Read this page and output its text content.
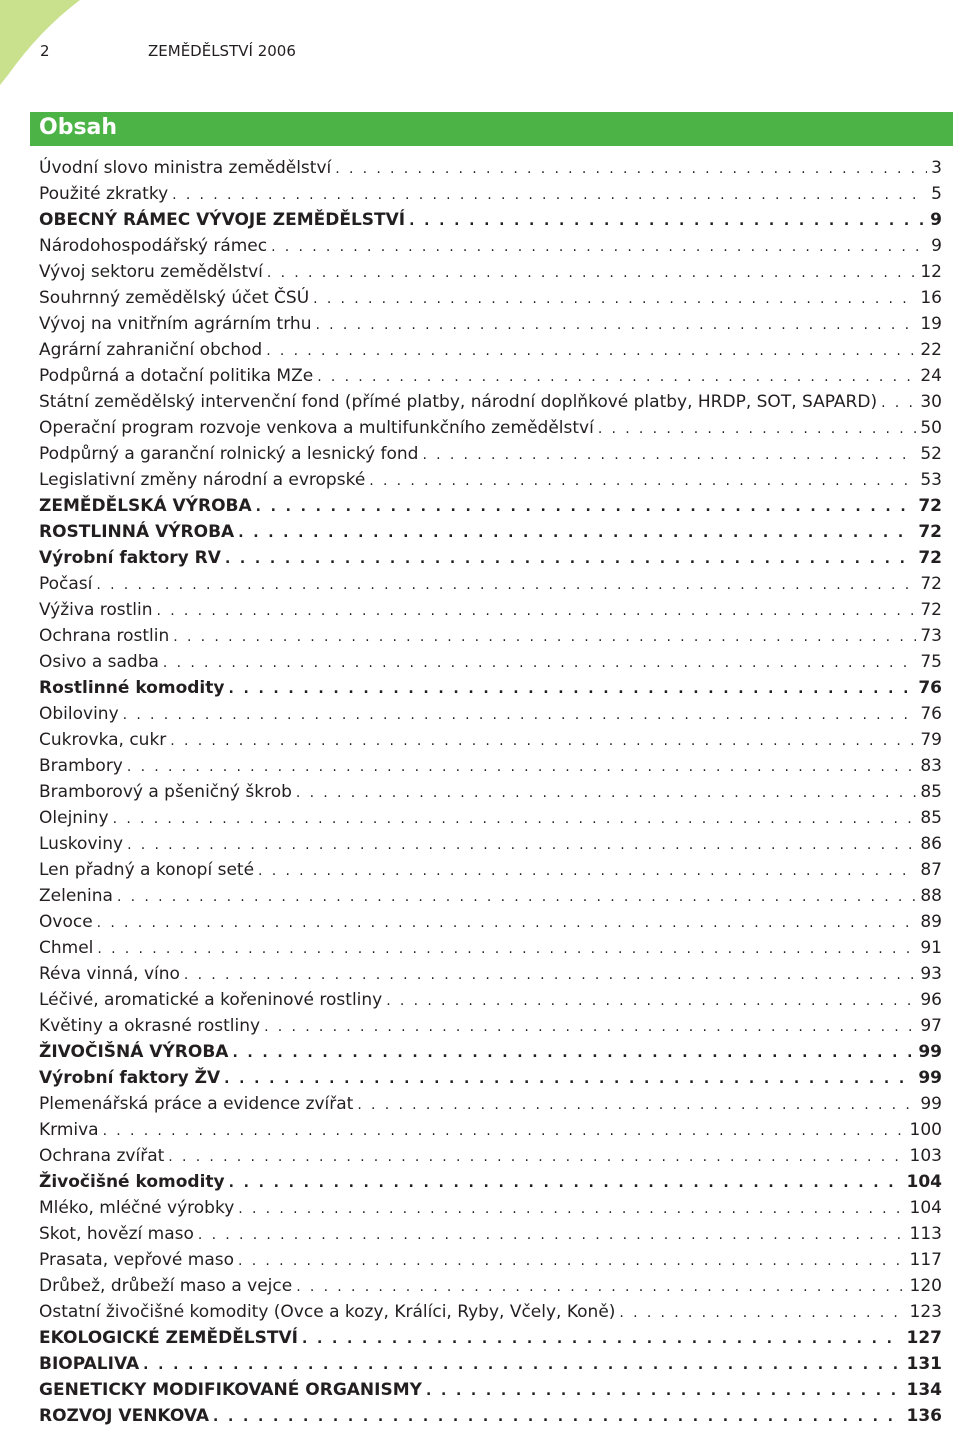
2	ZEMĚDĚLSTVÍ 2006
Obsah
Úvodní slovo ministra zemědělství . . .	3
Použité zkratky . . .	5
OBECNÝ RÁMEC VÝVOJE ZEMĚDĚLSTVÍ . . .	9
Národohospodářský rámec . . .	9
Vývoj sektoru zemědělství . . .	12
Souhrnný zemědělský účet ČSÚ . . .	16
Vývoj na vnitřním agrárním trhu . . .	19
Agrární zahraniční obchod . . .	22
Podpůrná a dotační politika MZe . . .	24
Státní zemědělský intervenční fond (přímé platby, národní doplňkové platby, HRDP, SOT, SAPARD) . . .	30
Operační program rozvoje venkova a multifunkčního zemědělství . . .	50
Podpůrný a garanční rolnický a lesnický fond . . .	52
Legislativní změny národní a evropské . . .	53
ZEMĚDĚLSKÁ VÝROBA . . .	72
ROSTLINNÁ VÝROBA . . .	72
Výrobní faktory RV . . .	72
Počasí . . .	72
Výživa rostlin . . .	72
Ochrana rostlin . . .	73
Osivo a sadba . . .	75
Rostlinné komodity . . .	76
Obiloviny . . .	76
Cukrovka, cukr . . .	79
Brambory . . .	83
Bramborový a pšeničný škrob . . .	85
Olejniny . . .	85
Luskoviny . . .	86
Len přadný a konopí seté . . .	87
Zelenina . . .	88
Ovoce . . .	89
Chmel . . .	91
Réva vinná, víno . . .	93
Léčivé, aromatické a kořeninové rostliny . . .	96
Květiny a okrasné rostliny . . .	97
ŽIVOČIŠNÁ VÝROBA . . .	99
Výrobní faktory ŽV . . .	99
Plemenářská práce a evidence zvířat . . .	99
Krmiva . . .	100
Ochrana zvířat . . .	103
Živočišné komodity . . .	104
Mléko, mléčné výrobky . . .	104
Skot, hovězí maso . . .	113
Prasata, vepřové maso . . .	117
Drůbež, drůbeží maso a vejce . . .	120
Ostatní živočišné komodity (Ovce a kozy, Králíci, Ryby, Včely, Koně) . . .	123
EKOLOGICKÉ ZEMĚDĚLSTVÍ . . .	127
BIOPALIVA . . .	131
GENETICKY MODIFIKOVANÉ ORGANISMY . . .	134
ROZVOJ VENKOVA . . .	136
